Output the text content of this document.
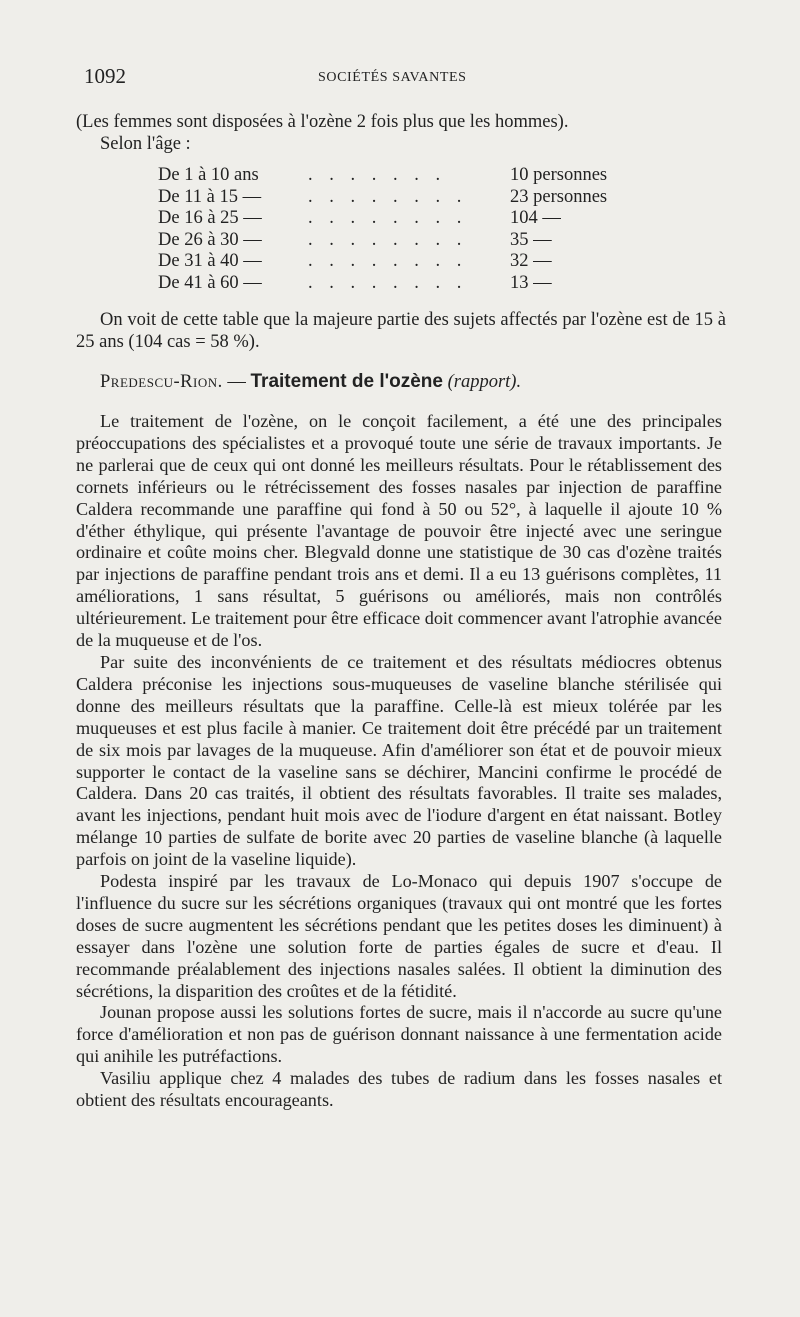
1092	SOCIÉTÉS SAVANTES

(Les femmes sont disposées à l'ozène 2 fois plus que les hommes).

Selon l'âge :

De 1 à 10 ans	. . . . . . .	10 personnes
De 11 à 15 —	. . . . . . . . 23 personnes
De 16 à 25 — . . . . . . . . 104 —
De 26 à 30 — . . . . . . . . 35 —
De 31 à 40 — . . . . . . . . 32 —
De 41 à 60 — . . . . . . . . 13 —

On voit de cette table que la majeure partie des sujets affectés par l'ozène est de 15 à 25 ans (104 cas = 58 %).

Predescu-Rion. — Traitement de l'ozène (rapport).

Le traitement de l'ozène, on le conçoit facilement, a été une des principales préoccupations des spécialistes et a provoqué toute une série de travaux importants. Je ne parlerai que de ceux qui ont donné les meilleurs résultats. Pour le rétablissement des cornets inférieurs ou le rétrécissement des fosses nasales par injection de paraffine Caldera recommande une paraffine qui fond à 50 ou 52°, à laquelle il ajoute 10 % d'éther éthylique, qui présente l'avantage de pouvoir être injecté avec une seringue ordinaire et coûte moins cher. Blegvald donne une statistique de 30 cas d'ozène traités par injections de paraffine pendant trois ans et demi. Il a eu 13 guérisons complètes, 11 améliorations, 1 sans résultat, 5 guérisons ou améliorés, mais non contrôlés ultérieurement. Le traitement pour être efficace doit commencer avant l'atrophie avancée de la muqueuse et de l'os.

Par suite des inconvénients de ce traitement et des résultats médiocres obtenus Caldera préconise les injections sous-muqueuses de vaseline blanche stérilisée qui donne des meilleurs résultats que la paraffine. Celle-là est mieux tolérée par les muqueuses et est plus facile à manier. Ce traitement doit être précédé par un traitement de six mois par lavages de la muqueuse. Afin d'améliorer son état et de pouvoir mieux supporter le contact de la vaseline sans se déchirer, Mancini confirme le procédé de Caldera. Dans 20 cas traités, il obtient des résultats favorables. Il traite ses malades, avant les injections, pendant huit mois avec de l'iodure d'argent en état naissant. Botley mélange 10 parties de sulfate de borite avec 20 parties de vaseline blanche (à laquelle parfois on joint de la vaseline liquide).

Podesta inspiré par les travaux de Lo-Monaco qui depuis 1907 s'occupe de l'influence du sucre sur les sécrétions organiques (travaux qui ont montré que les fortes doses de sucre augmentent les sécrétions pendant que les petites doses les diminuent) à essayer dans l'ozène une solution forte de parties égales de sucre et d'eau. Il recommande préalablement des injections nasales salées. Il obtient la diminution des sécrétions, la disparition des croûtes et de la fétidité.

Jounan propose aussi les solutions fortes de sucre, mais il n'accorde au sucre qu'une force d'amélioration et non pas de guérison donnant naissance à une fermentation acide qui anihile les putréfactions.

Vasiliu applique chez 4 malades des tubes de radium dans les fosses nasales et obtient des résultats encourageants.
